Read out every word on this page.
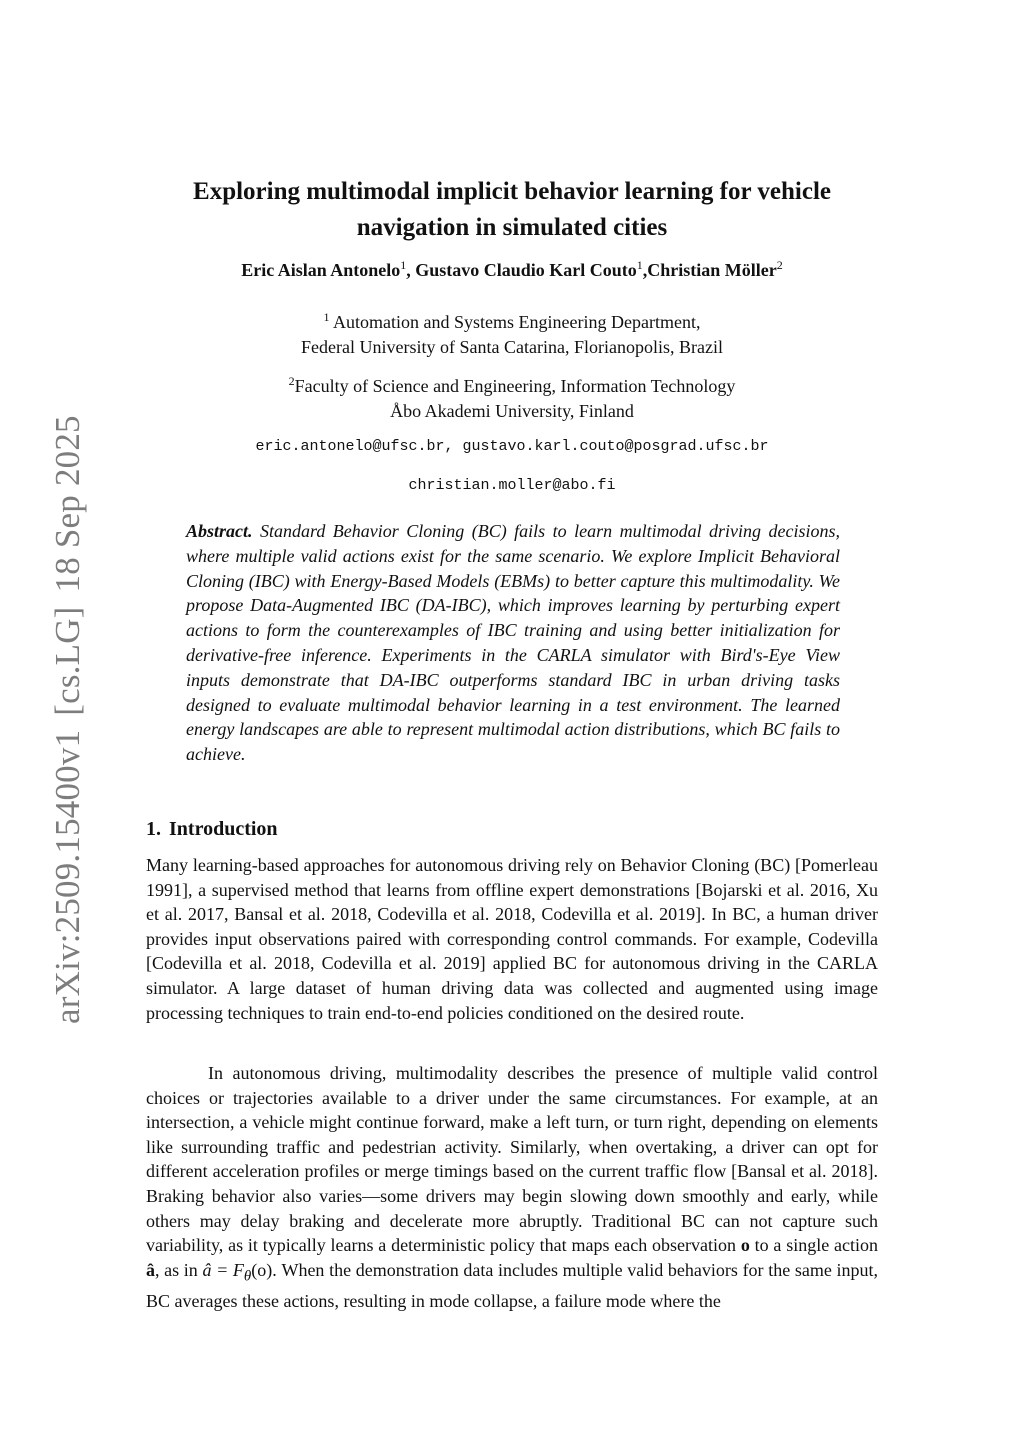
arXiv:2509.15400v1[cs.LG]18 Sep 2025
Exploring multimodal implicit behavior learning for vehicle
navigation in simulated cities
Eric Aislan Antonelo$^1$, Gustavo Claudio Karl Couto$^1$,Christian Möller$^2$
$^1$ Automation and Systems Engineering Department,
Federal University of Santa Catarina, Florianopolis, Brazil
$^2$Faculty of Science and Engineering, Information Technology
Åbo Akademi University, Finland
eric.antonelo@ufsc.br, gustavo.karl.couto@posgrad.ufsc.br
christian.moller@abo.fi
Abstract. Standard Behavior Cloning (BC) fails to learn multimodal driving decisions, where multiple valid actions exist for the same scenario. We explore Implicit Behavioral Cloning (IBC) with Energy-Based Models (EBMs) to better capture this multimodality. We propose Data-Augmented IBC (DA-IBC), which improves learning by perturbing expert actions to form the counterexamples of IBC training and using better initialization for derivative-free inference. Experiments in the CARLA simulator with Bird's-Eye View inputs demonstrate that DA-IBC outperforms standard IBC in urban driving tasks designed to evaluate multimodal behavior learning in a test environment. The learned energy landscapes are able to represent multimodal action distributions, which BC fails to achieve.
1. Introduction
Many learning-based approaches for autonomous driving rely on Behavior Cloning (BC) [Pomerleau 1991], a supervised method that learns from offline expert demonstrations [Bojarski et al. 2016, Xu et al. 2017, Bansal et al. 2018, Codevilla et al. 2018, Codevilla et al. 2019]. In BC, a human driver provides input observations paired with corresponding control commands. For example, Codevilla [Codevilla et al. 2018, Codevilla et al. 2019] applied BC for autonomous driving in the CARLA simulator. A large dataset of human driving data was collected and augmented using image processing techniques to train end-to-end policies conditioned on the desired route.
In autonomous driving, multimodality describes the presence of multiple valid control choices or trajectories available to a driver under the same circumstances. For example, at an intersection, a vehicle might continue forward, make a left turn, or turn right, depending on elements like surrounding traffic and pedestrian activity. Similarly, when overtaking, a driver can opt for different acceleration profiles or merge timings based on the current traffic flow [Bansal et al. 2018]. Braking behavior also varies—some drivers may begin slowing down smoothly and early, while others may delay braking and decelerate more abruptly. Traditional BC can not capture such variability, as it typically learns a deterministic policy that maps each observation o to a single action â, as in â = $F_\theta(o)$. When the demonstration data includes multiple valid behaviors for the same input, BC averages these actions, resulting in mode collapse, a failure mode where the
